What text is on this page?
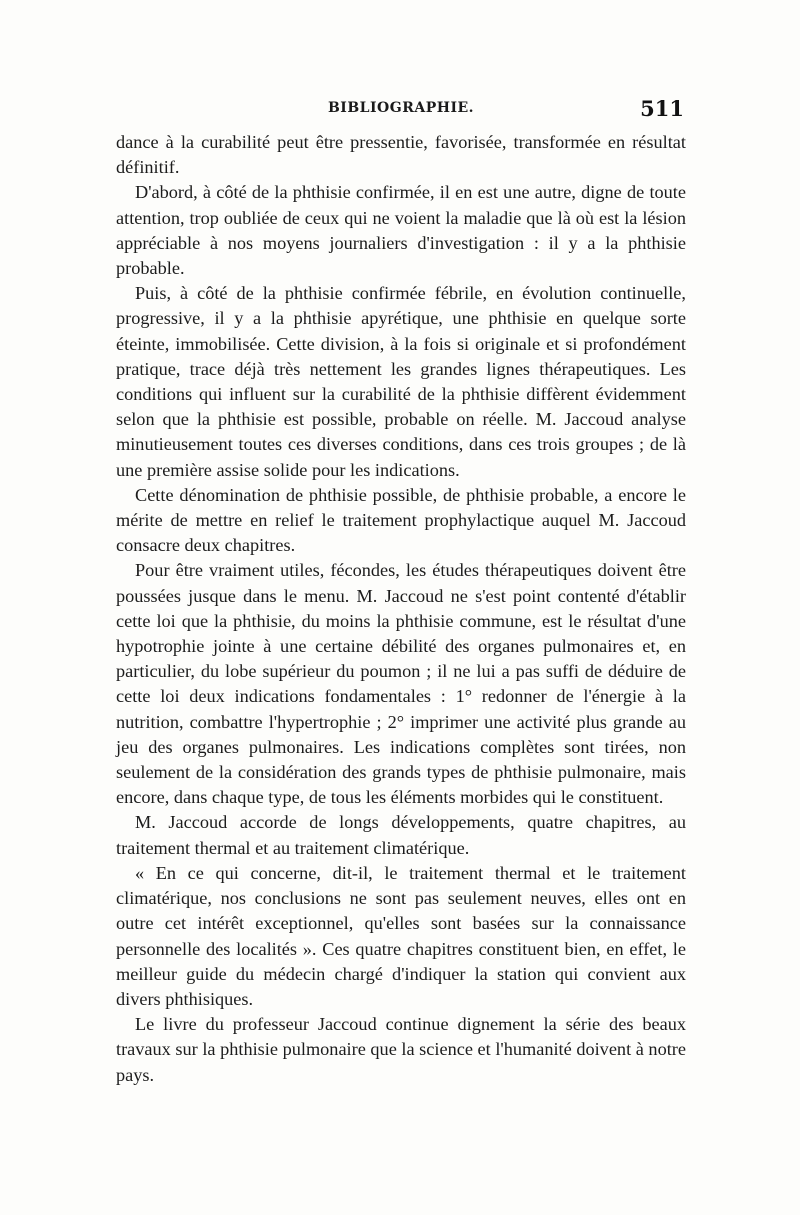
BIBLIOGRAPHIE.	511

dance à la curabilité peut être pressentie, favorisée, transformée en résultat définitif.

D'abord, à côté de la phthisie confirmée, il en est une autre, digne de toute attention, trop oubliée de ceux qui ne voient la maladie que là où est la lésion appréciable à nos moyens journaliers d'investigation : il y a la phthisie probable.

Puis, à côté de la phthisie confirmée fébrile, en évolution continuelle, progressive, il y a la phthisie apyrétique, une phthisie en quelque sorte éteinte, immobilisée. Cette division, à la fois si originale et si profondément pratique, trace déjà très nettement les grandes lignes thérapeutiques. Les conditions qui influent sur la curabilité de la phthisie diffèrent évidemment selon que la phthisie est possible, probable on réelle. M. Jaccoud analyse minutieusement toutes ces diverses conditions, dans ces trois groupes ; de là une première assise solide pour les indications.

Cette dénomination de phthisie possible, de phthisie probable, a encore le mérite de mettre en relief le traitement prophylactique auquel M. Jaccoud consacre deux chapitres.

Pour être vraiment utiles, fécondes, les études thérapeutiques doivent être poussées jusque dans le menu. M. Jaccoud ne s'est point contenté d'établir cette loi que la phthisie, du moins la phthisie commune, est le résultat d'une hypotrophie jointe à une certaine débilité des organes pulmonaires et, en particulier, du lobe supérieur du poumon ; il ne lui a pas suffi de déduire de cette loi deux indications fondamentales : 1° redonner de l'énergie à la nutrition, combattre l'hypertrophie ; 2° imprimer une activité plus grande au jeu des organes pulmonaires. Les indications complètes sont tirées, non seulement de la considération des grands types de phthisie pulmonaire, mais encore, dans chaque type, de tous les éléments morbides qui le constituent.

M. Jaccoud accorde de longs développements, quatre chapitres, au traitement thermal et au traitement climatérique.

« En ce qui concerne, dit-il, le traitement thermal et le traitement climatérique, nos conclusions ne sont pas seulement neuves, elles ont en outre cet intérêt exceptionnel, qu'elles sont basées sur la connaissance personnelle des localités ». Ces quatre chapitres constituent bien, en effet, le meilleur guide du médecin chargé d'indiquer la station qui convient aux divers phthisiques.

Le livre du professeur Jaccoud continue dignement la série des beaux travaux sur la phthisie pulmonaire que la science et l'humanité doivent à notre pays.
